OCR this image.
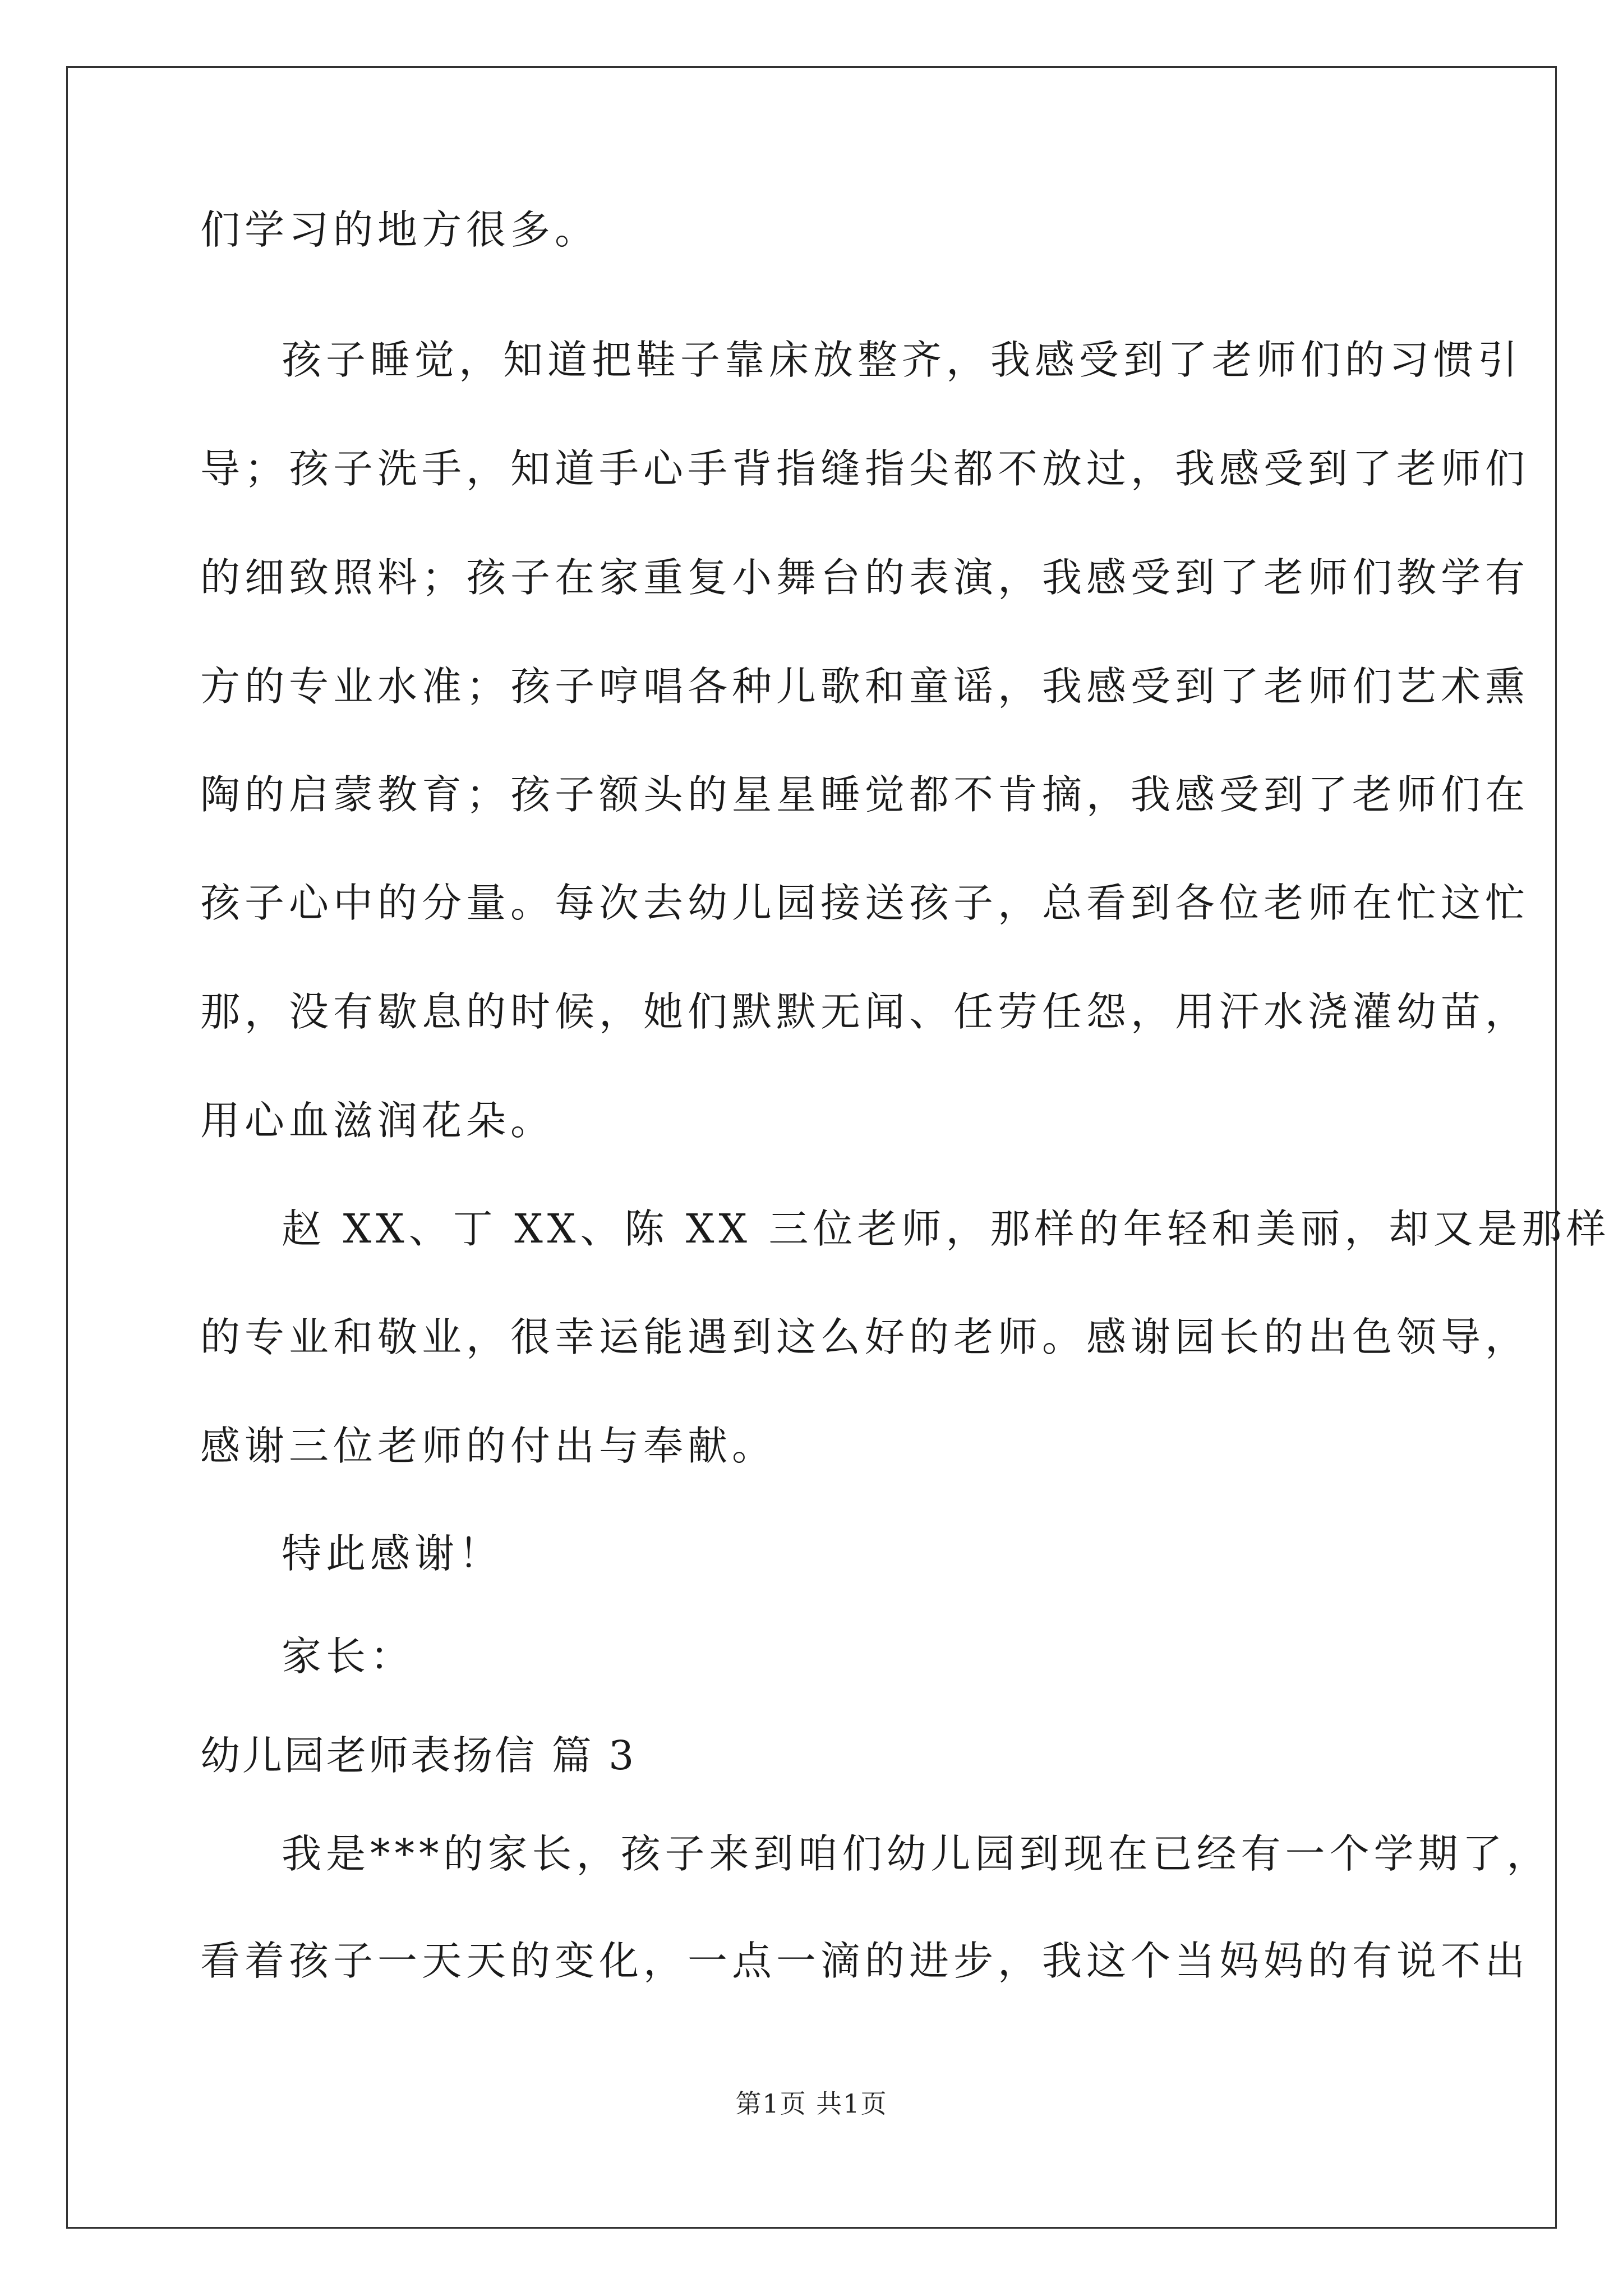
们学习的地方很多。

孩子睡觉，知道把鞋子靠床放整齐，我感受到了老师们的习惯引

导；孩子洗手，知道手心手背指缝指尖都不放过，我感受到了老师们

的细致照料；孩子在家重复小舞台的表演，我感受到了老师们教学有

方的专业水准；孩子哼唱各种儿歌和童谣，我感受到了老师们艺术熏

陶的启蒙教育；孩子额头的星星睡觉都不肯摘，我感受到了老师们在

孩子心中的分量。每次去幼儿园接送孩子，总看到各位老师在忙这忙

那，没有歇息的时候，她们默默无闻、任劳任怨，用汗水浇灌幼苗，

用心血滋润花朵。

赵 XX、丁 XX、陈 XX 三位老师，那样的年轻和美丽，却又是那样

的专业和敬业，很幸运能遇到这么好的老师。感谢园长的出色领导，

感谢三位老师的付出与奉献。

特此感谢！

家长：

幼儿园老师表扬信 篇 3

我是***的家长，孩子来到咱们幼儿园到现在已经有一个学期了，

看着孩子一天天的变化，一点一滴的进步，我这个当妈妈的有说不出

第1页 共1页
